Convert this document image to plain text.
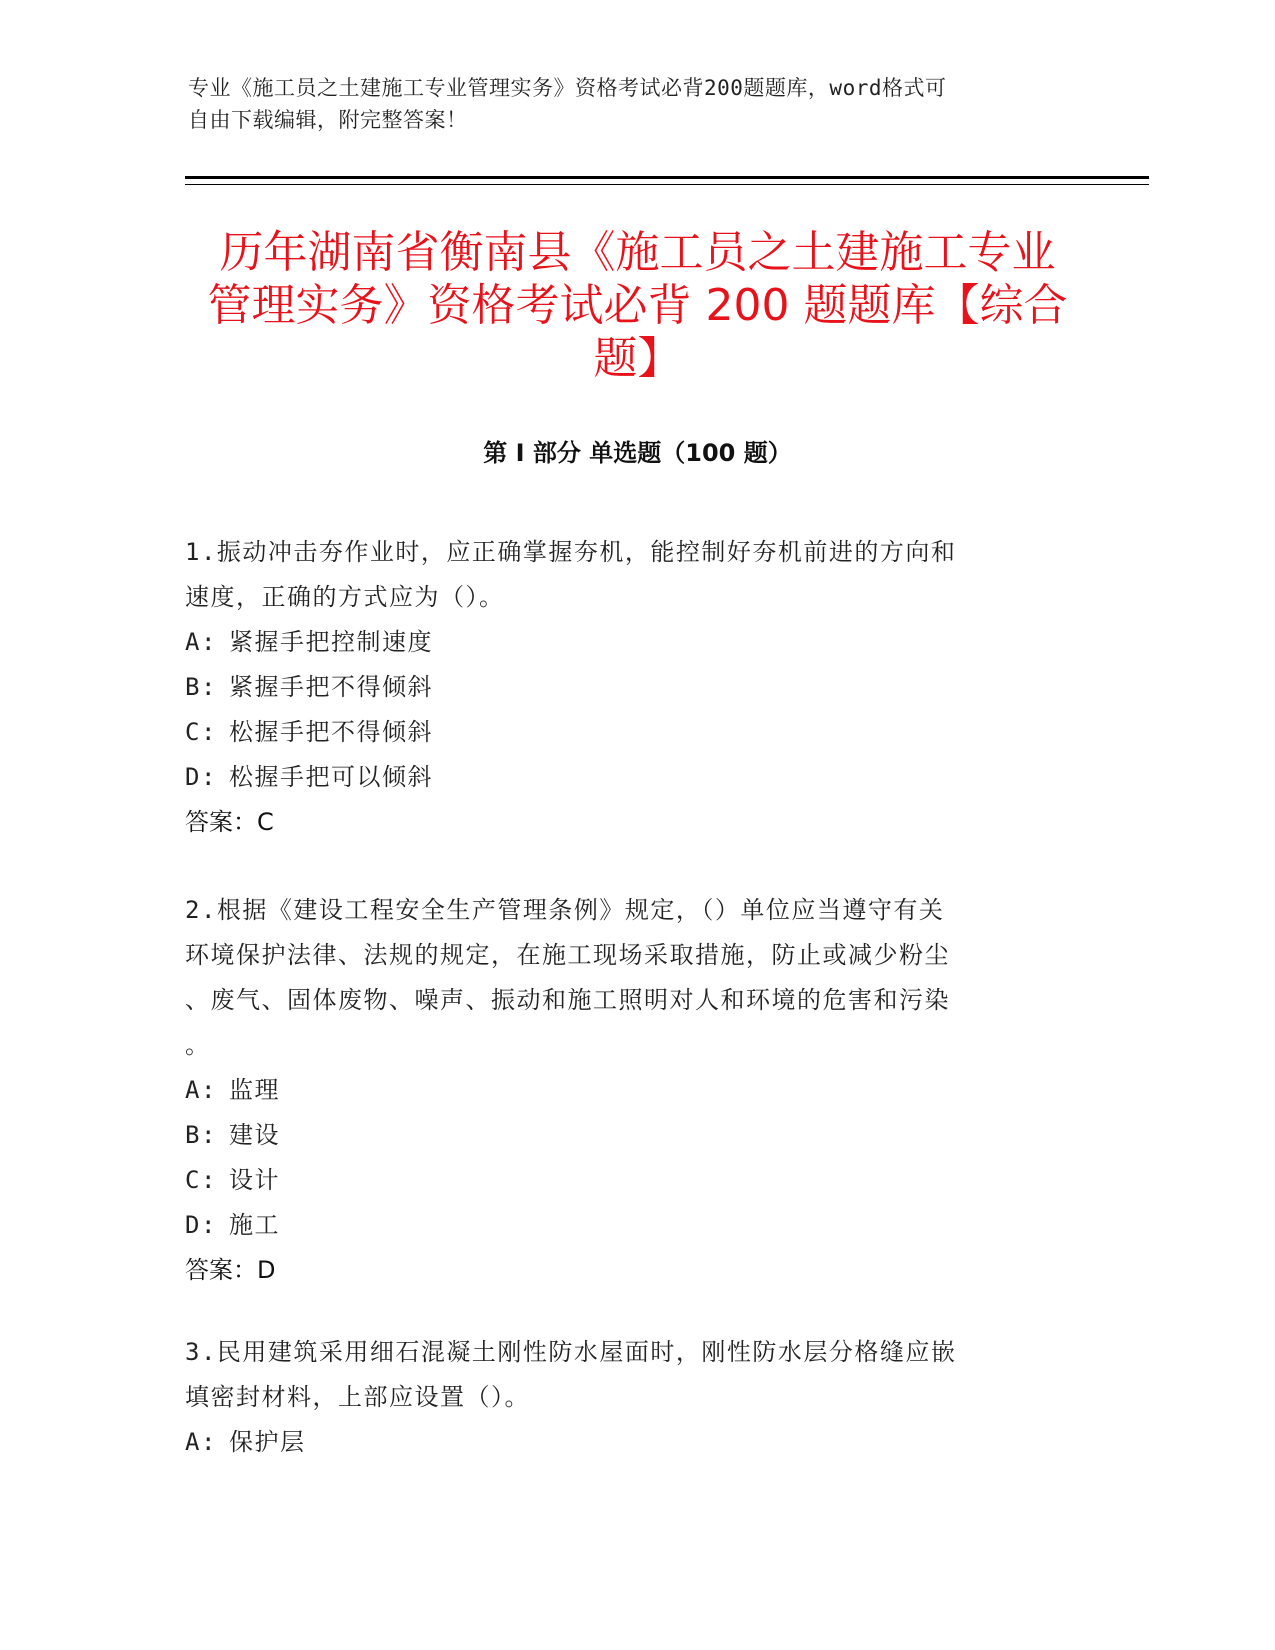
专业《施工员之土建施工专业管理实务》资格考试必背200题题库，word格式可
自由下载编辑，附完整答案！
历年湖南省衡南县《施工员之土建施工专业
管理实务》资格考试必背 200 题题库【综合
题】
第 I 部分 单选题（100 题）

1.振动冲击夯作业时，应正确掌握夯机，能控制好夯机前进的方向和

速度，正确的方式应为（）。

A: 紧握手把控制速度

B: 紧握手把不得倾斜

C: 松握手把不得倾斜

D: 松握手把可以倾斜

答案：C

2.根据《建设工程安全生产管理条例》规定，（）单位应当遵守有关

环境保护法律、法规的规定，在施工现场采取措施，防止或减少粉尘

、废气、固体废物、噪声、振动和施工照明对人和环境的危害和污染

。

A: 监理

B: 建设

C: 设计

D: 施工

答案：D

3.民用建筑采用细石混凝土刚性防水屋面时，刚性防水层分格缝应嵌

填密封材料，上部应设置（）。

A: 保护层
